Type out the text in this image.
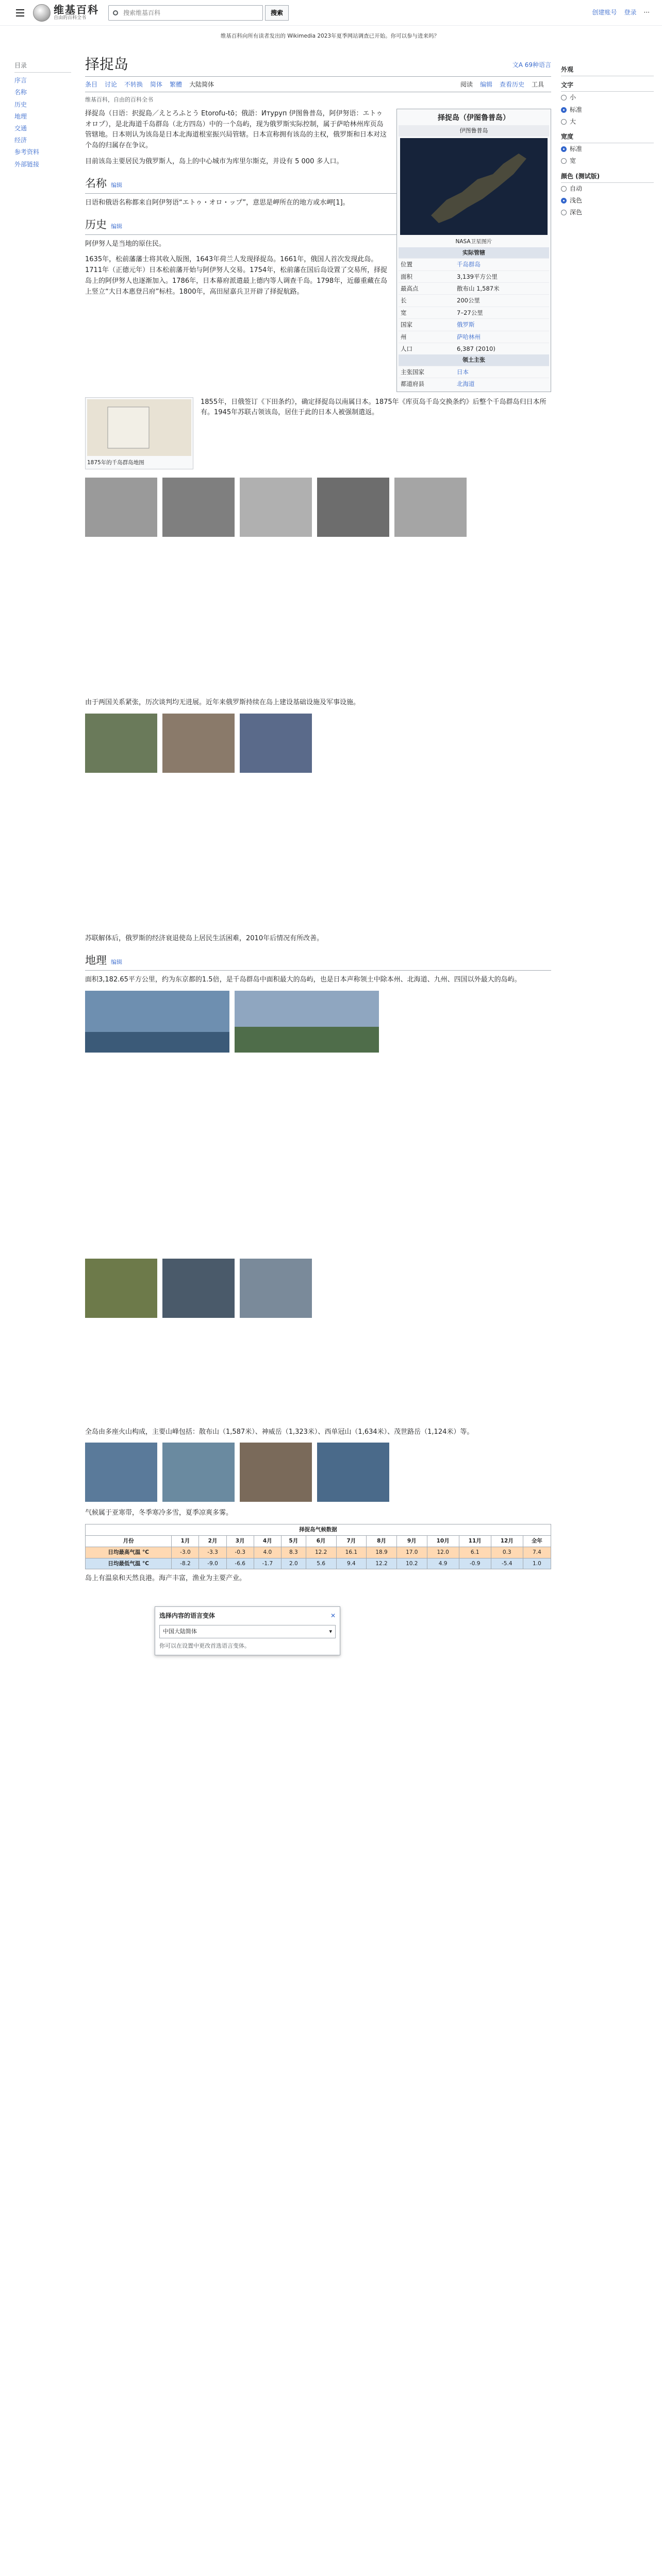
维基百科
自由的百科全书
搜索维基百科
搜索	创建账号 登录 ···
维基百科向所有读者发出的 Wikimedia 2023年夏季网站调查已开始。你可以参与进来吗？
目录
序言
名称
历史
地理
交通
经济
参考资料
外部链接
外观
文字
小
标准
大
宽度
标准
宽
颜色 (测试版)
自动
浅色
深色
择捉岛	文A 69种语言
条目 讨论 不转换 简体 繁體 大陆简体	阅读 编辑 查看历史 工具
维基百科，自由的百科全书
择捉岛（伊图鲁普岛）
伊图鲁普岛
NASA卫星图片
实际管辖	
位置	千岛群岛
面积	3,139平方公里
最高点	散布山 1,587米
长	200公里
宽	7–27公里
国家	俄罗斯
州	萨哈林州
人口	6,387 (2010)
领土主张	
主张国家	日本
都道府县	北海道

择捉岛（日语：択捉島／えとろふとう Etorofu-tō；俄語：Итуруп 伊图鲁普岛，阿伊努语：エトゥオロプ），是北海道千岛群岛（北方四岛）中的一个岛屿，现为俄罗斯实际控制，属于萨哈林州库页岛管辖地。日本则认为该岛是日本北海道根室振兴局管辖。日本宣称拥有该岛的主权，俄罗斯和日本对这个岛的归属存在争议。

目前该岛主要居民为俄罗斯人，岛上的中心城市为库里尔斯克，并设有 5 000 多人口。

名称 编辑

日语和俄语名称都来自阿伊努语“エトゥ・オロ・ップ”，意思是岬所在的地方或水岬[1]。

历史 编辑

阿伊努人是当地的原住民。

1635年，松前藩藩士将其收入版图，1643年荷兰人发现择捉岛。1661年，俄国人首次发现此岛。1711年（正德元年）日本松前藩开始与阿伊努人交易。1754年，松前藩在国后岛设置了交易所，择捉岛上的阿伊努人也逐渐加入。1786年，日本幕府派遣最上德内等人调查千岛。1798年，近藤重藏在岛上竖立“大日本惠登吕府”标柱。1800年，高田屋嘉兵卫开辟了择捉航路。

1875年的千岛群岛地图

1855年，日俄签订《下田条约》，确定择捉岛以南属日本。1875年《库页岛千岛交换条约》后整个千岛群岛归日本所有。1945年苏联占领该岛，居住于此的日本人被强制遣返。

由于两国关系紧张，历次谈判均无进展。近年来俄罗斯持续在岛上建设基础设施及军事设施。

苏联解体后，俄罗斯的经济衰退使岛上居民生活困难，2010年后情况有所改善。

地理 编辑

面积3,182.65平方公里，约为东京都的1.5倍，是千岛群岛中面积最大的岛屿，也是日本声称领土中除本州、北海道、九州、四国以外最大的岛屿。

全岛由多座火山构成，主要山峰包括：散布山（1,587米）、神威岳（1,323米）、西单冠山（1,634米）、茂世路岳（1,124米）等。

气候属于亚寒带，冬季寒冷多雪，夏季凉爽多雾。

择捉岛气候数据													
月份	1月	2月	3月	4月	5月	6月	7月	8月	9月	10月	11月	12月	全年
日均最高气温 °C	-3.0	-3.3	-0.3	4.0	8.3	12.2	16.1	18.9	17.0	12.0	6.1	0.3	7.4
日均最低气温 °C	-8.2	-9.0	-6.6	-1.7	2.0	5.6	9.4	12.2	10.2	4.9	-0.9	-5.4	1.0

岛上有温泉和天然良港。海产丰富，渔业为主要产业。

选择内容的语言变体	✕
中国大陆简体 ▾
你可以在设置中更改首选语言变体。
